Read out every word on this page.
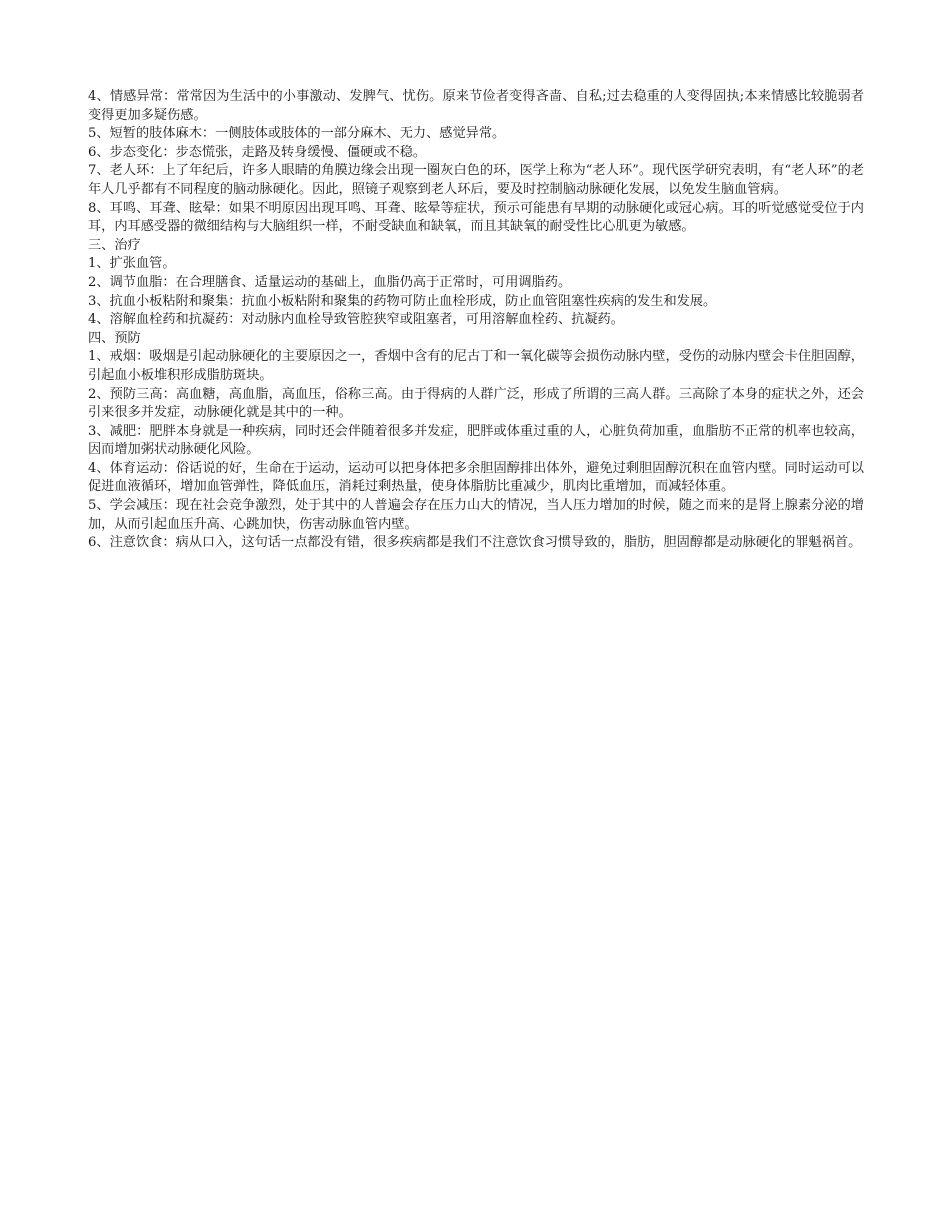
4、情感异常：常常因为生活中的小事激动、发脾气、忧伤。原来节俭者变得吝啬、自私;过去稳重的人变得固执;本来情感比较脆弱者变得更加多疑伤感。

5、短暂的肢体麻木：一侧肢体或肢体的一部分麻木、无力、感觉异常。

6、步态变化：步态慌张，走路及转身缓慢、僵硬或不稳。

7、老人环：上了年纪后，许多人眼睛的角膜边缘会出现一圈灰白色的环，医学上称为“老人环”。现代医学研究表明，有“老人环”的老年人几乎都有不同程度的脑动脉硬化。因此，照镜子观察到老人环后，要及时控制脑动脉硬化发展，以免发生脑血管病。

8、耳鸣、耳聋、眩晕：如果不明原因出现耳鸣、耳聋、眩晕等症状，预示可能患有早期的动脉硬化或冠心病。耳的听觉感觉受位于内耳，内耳感受器的微细结构与大脑组织一样，不耐受缺血和缺氧，而且其缺氧的耐受性比心肌更为敏感。

三、治疗

1、扩张血管。

2、调节血脂：在合理膳食、适量运动的基础上，血脂仍高于正常时，可用调脂药。

3、抗血小板粘附和聚集：抗血小板粘附和聚集的药物可防止血栓形成，防止血管阻塞性疾病的发生和发展。

4、溶解血栓药和抗凝药：对动脉内血栓导致管腔狭窄或阻塞者，可用溶解血栓药、抗凝药。

四、预防

1、戒烟：吸烟是引起动脉硬化的主要原因之一，香烟中含有的尼古丁和一氧化碳等会损伤动脉内壁，受伤的动脉内壁会卡住胆固醇，引起血小板堆积形成脂肪斑块。

2、预防三高：高血糖，高血脂，高血压，俗称三高。由于得病的人群广泛，形成了所谓的三高人群。三高除了本身的症状之外，还会引来很多并发症，动脉硬化就是其中的一种。

3、减肥：肥胖本身就是一种疾病，同时还会伴随着很多并发症，肥胖或体重过重的人，心脏负荷加重，血脂肪不正常的机率也较高，因而增加粥状动脉硬化风险。

4、体育运动：俗话说的好，生命在于运动，运动可以把身体把多余胆固醇排出体外，避免过剩胆固醇沉积在血管内壁。同时运动可以促进血液循环，增加血管弹性，降低血压，消耗过剩热量，使身体脂肪比重减少，肌肉比重增加，而减轻体重。

5、学会减压：现在社会竞争激烈，处于其中的人普遍会存在压力山大的情况，当人压力增加的时候，随之而来的是肾上腺素分泌的增加，从而引起血压升高、心跳加快，伤害动脉血管内壁。

6、注意饮食：病从口入，这句话一点都没有错，很多疾病都是我们不注意饮食习惯导致的，脂肪，胆固醇都是动脉硬化的罪魁祸首。
